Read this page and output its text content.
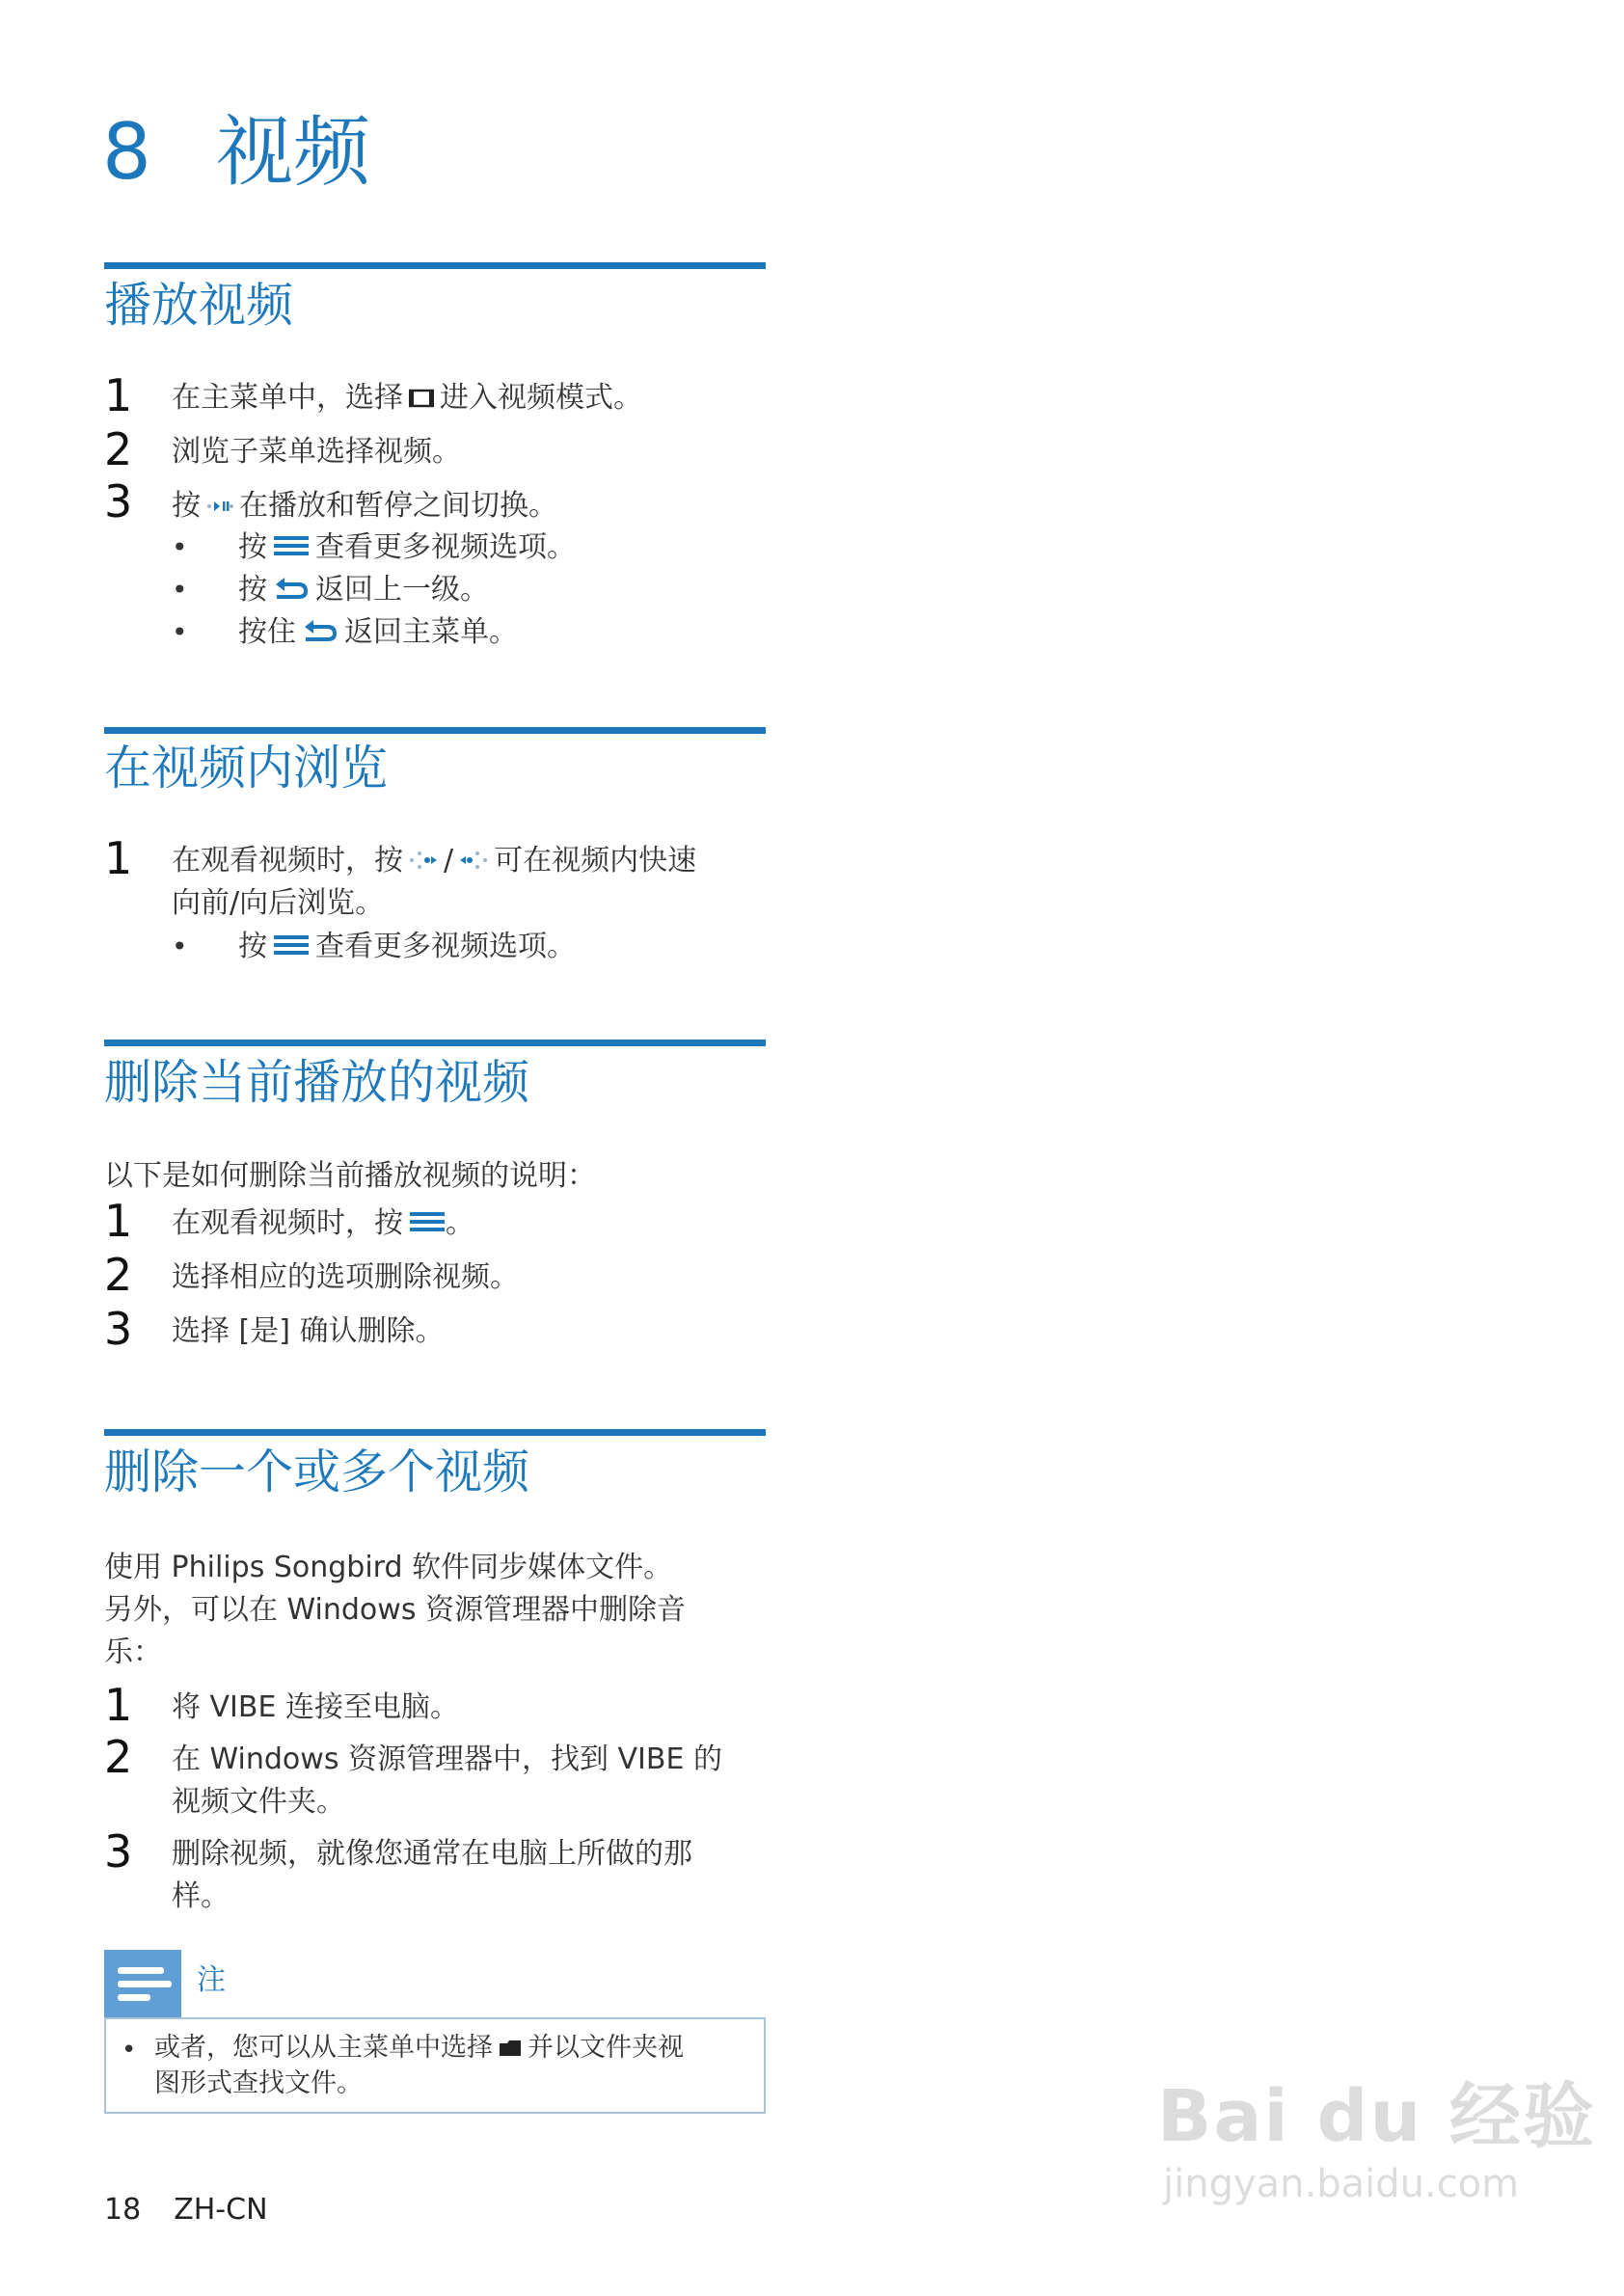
8 视频
播放视频
1 在主菜单中，选择 进入视频模式。
2 浏览子菜单选择视频。
3 按 在播放和暂停之间切换。
• 按 查看更多视频选项。
• 按 返回上一级。
• 按住 返回主菜单。
在视频内浏览
1 在观看视频时，按 / 可在视频内快速
向前/向后浏览。
• 按 查看更多视频选项。
删除当前播放的视频
以下是如何删除当前播放视频的说明：
1 在观看视频时，按 。
2 选择相应的选项删除视频。
3 选择 [是] 确认删除。
删除一个或多个视频
使用 Philips Songbird 软件同步媒体文件。
另外，可以在 Windows 资源管理器中删除音
乐：
1 将 VIBE 连接至电脑。
2 在 Windows 资源管理器中，找到 VIBE 的
视频文件夹。
3 删除视频，就像您通常在电脑上所做的那
样。
注
• 或者，您可以从主菜单中选择 并以文件夹视
图形式查找文件。
18 ZH-CN
Bai du 经验
jingyan.baidu.com
